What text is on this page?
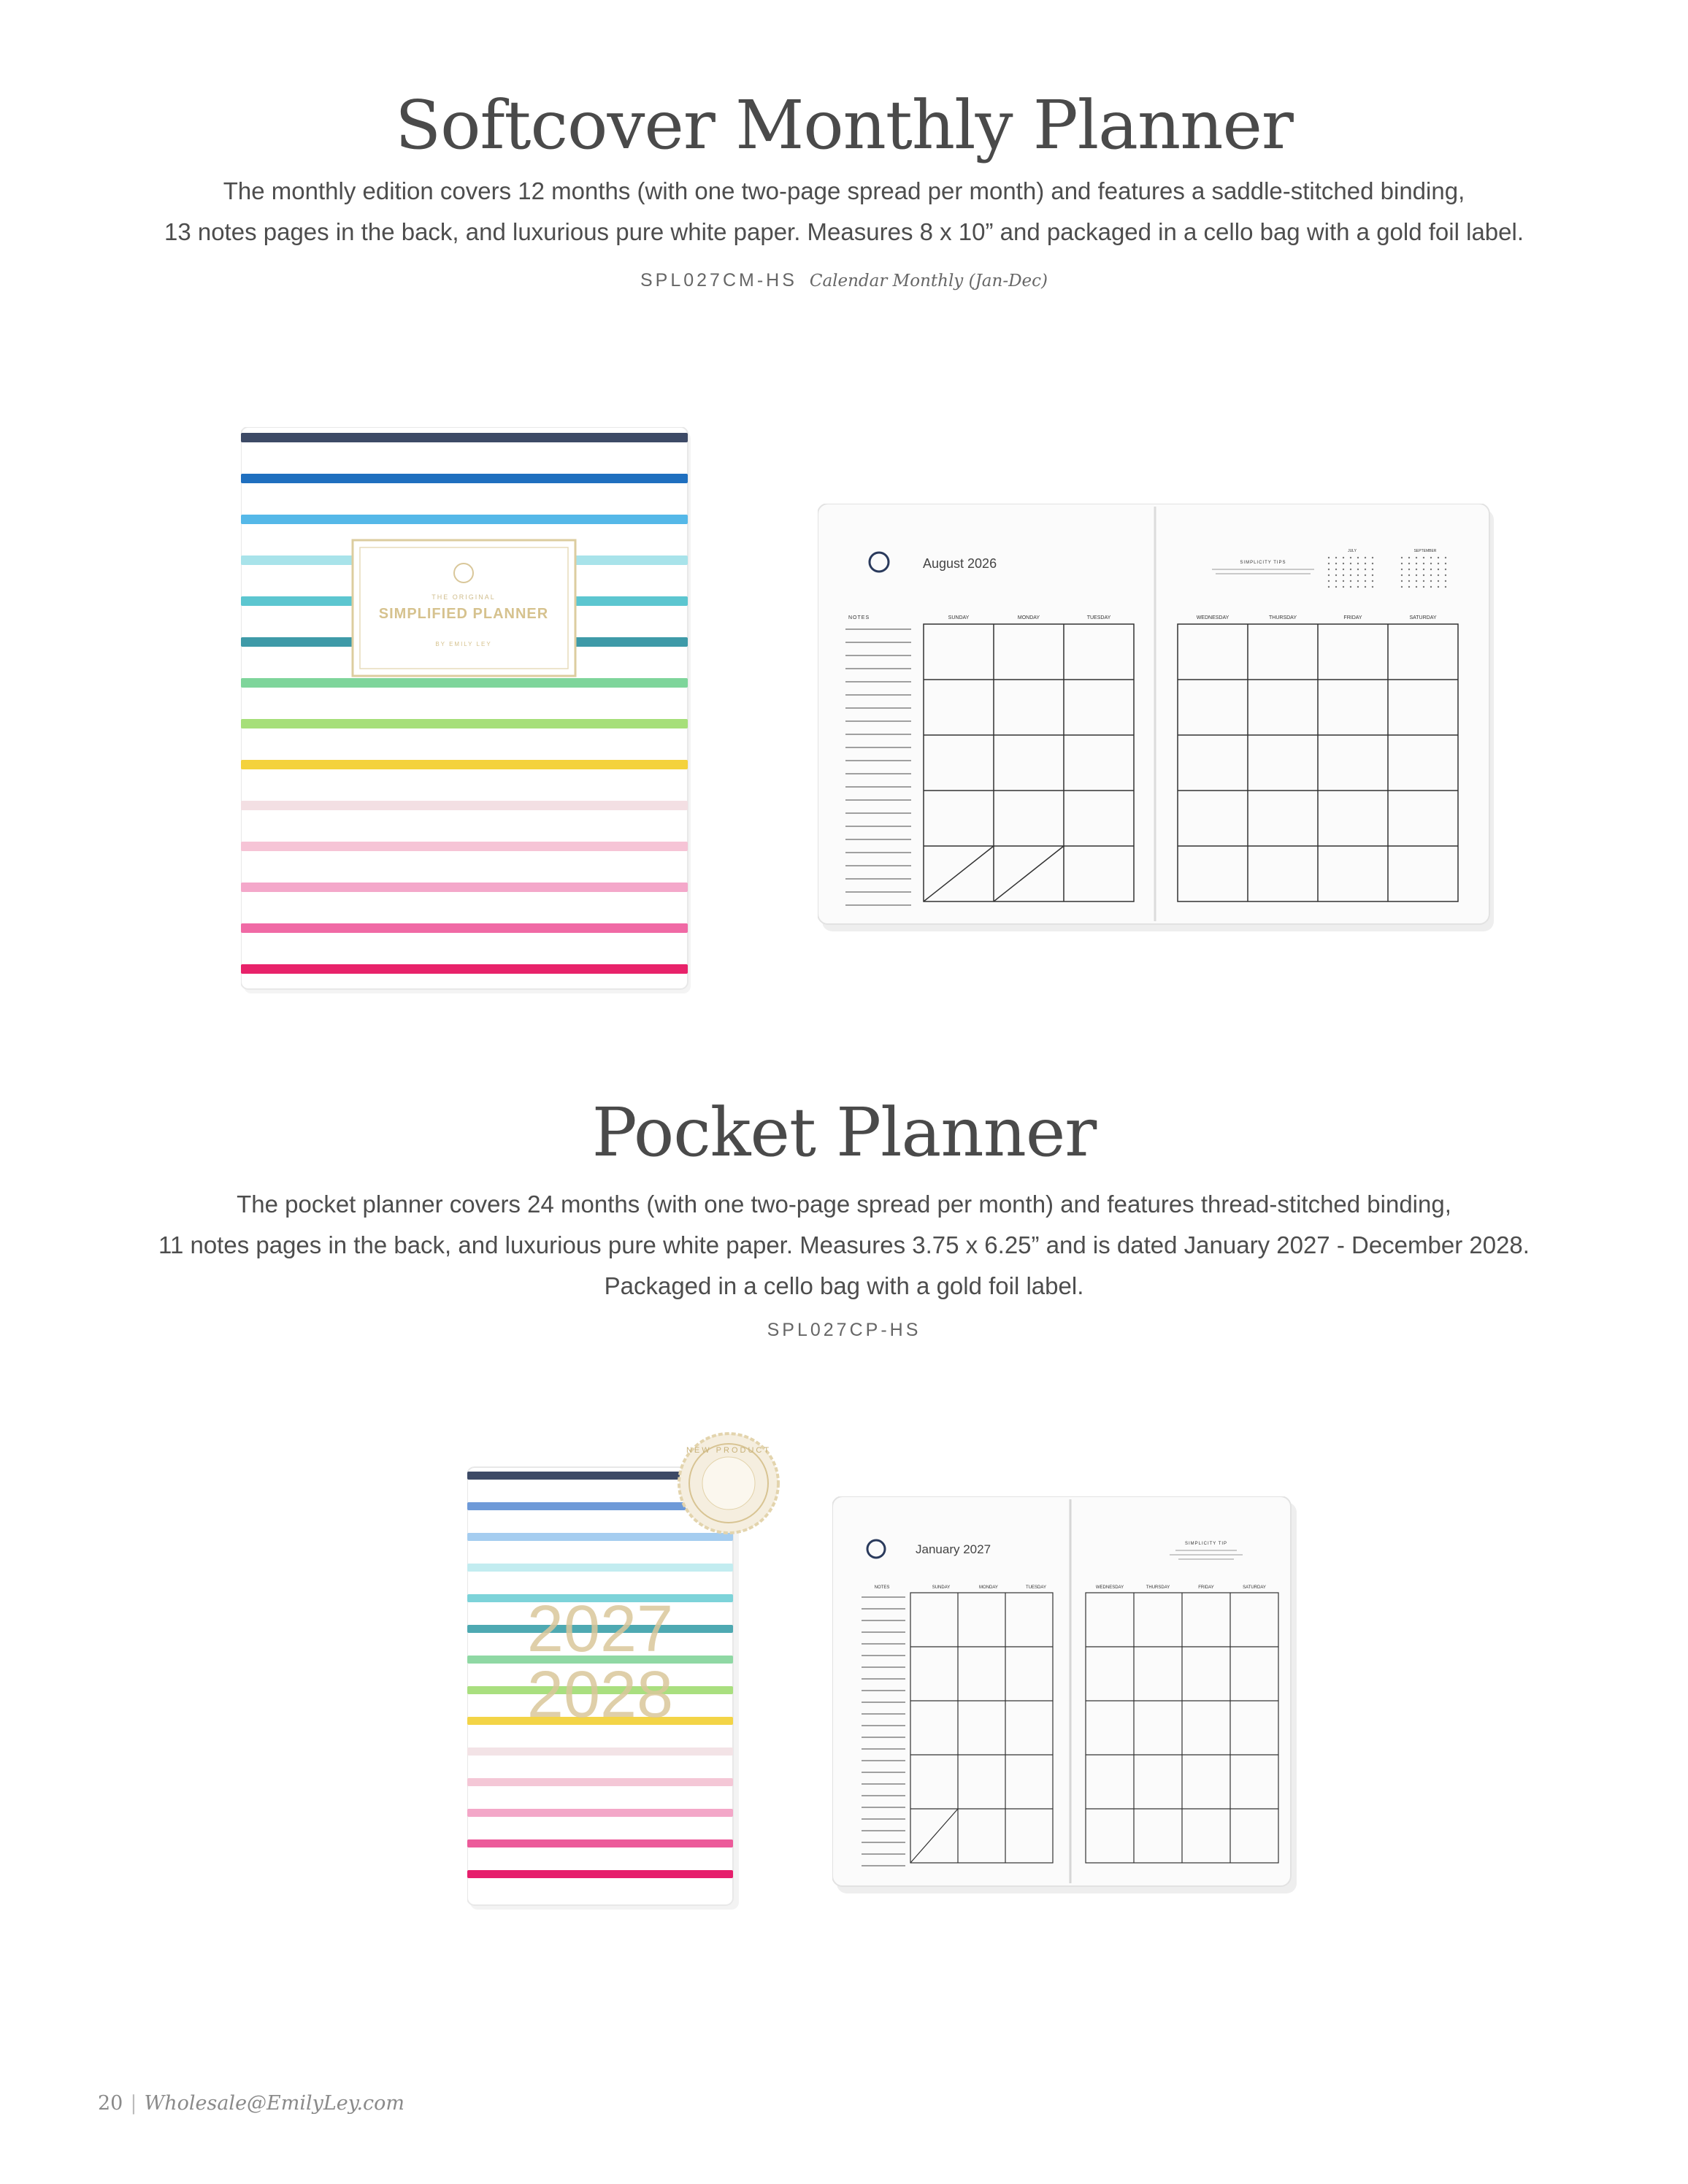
Softcover Monthly Planner
The monthly edition covers 12 months (with one two-page spread per month) and features a saddle-stitched binding,
13 notes pages in the back, and luxurious pure white paper. Measures 8 x 10” and packaged in a cello bag with a gold foil label.
SPL027CM-HS Calendar Monthly (Jan-Dec)
THE ORIGINAL
SIMPLIFIED PLANNER
BY EMILY LEY
August 2026
NOTES	SUNDAY	MONDAY	TUESDAY	WEDNESDAY	THURSDAY	FRIDAY	SATURDAY
SIMPLICITY TIPS
JULY	SEPTEMBER
Pocket Planner
The pocket planner covers 24 months (with one two-page spread per month) and features thread-stitched binding,
11 notes pages in the back, and luxurious pure white paper. Measures 3.75 x 6.25” and is dated January 2027 - December 2028.
Packaged in a cello bag with a gold foil label.
SPL027CP-HS
2027
2028
NEW PRODUCT
January 2027
NOTES	SUNDAY	MONDAY	TUESDAY	WEDNESDAY	THURSDAY	FRIDAY	SATURDAY
SIMPLICITY TIP
20 | Wholesale@EmilyLey.com
